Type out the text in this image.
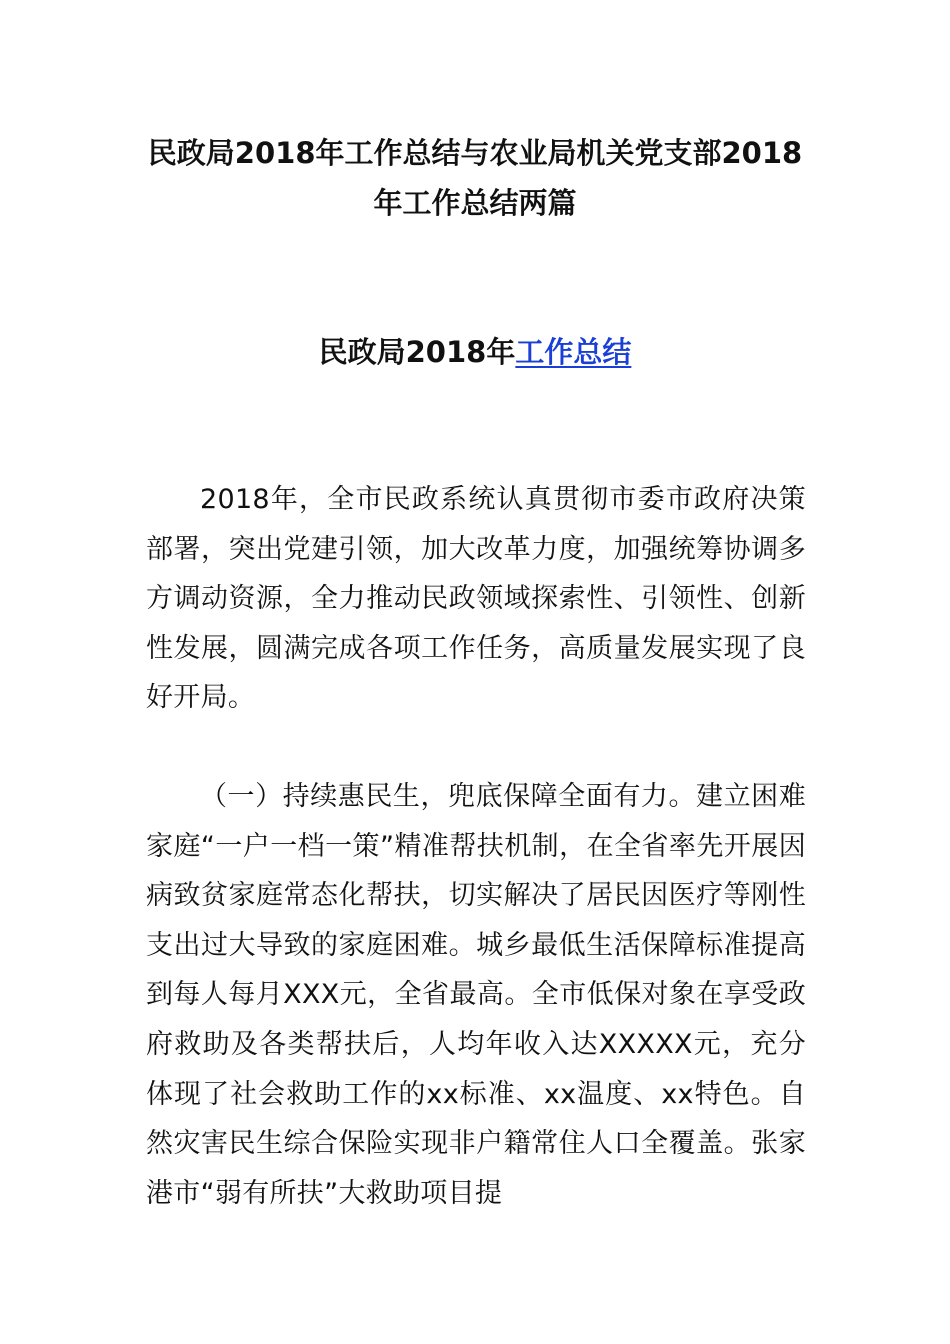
民政局2018年工作总结与农业局机关党支部2018
年工作总结两篇
民政局2018年工作总结

2018年，全市民政系统认真贯彻市委市政府决策部署，突出党建引领，加大改革力度，加强统筹协调多方调动资源，全力推动民政领域探索性、引领性、创新性发展，圆满完成各项工作任务，高质量发展实现了良好开局。

（一）持续惠民生，兜底保障全面有力。建立困难家庭“一户一档一策”精准帮扶机制，在全省率先开展因病致贫家庭常态化帮扶，切实解决了居民因医疗等刚性支出过大导致的家庭困难。城乡最低生活保障标准提高到每人每月XXX元，全省最高。全市低保对象在享受政府救助及各类帮扶后，人均年收入达XXXXX元，充分体现了社会救助工作的xx标准、xx温度、xx特色。自然灾害民生综合保险实现非户籍常住人口全覆盖。张家港市“弱有所扶”大救助项目提
